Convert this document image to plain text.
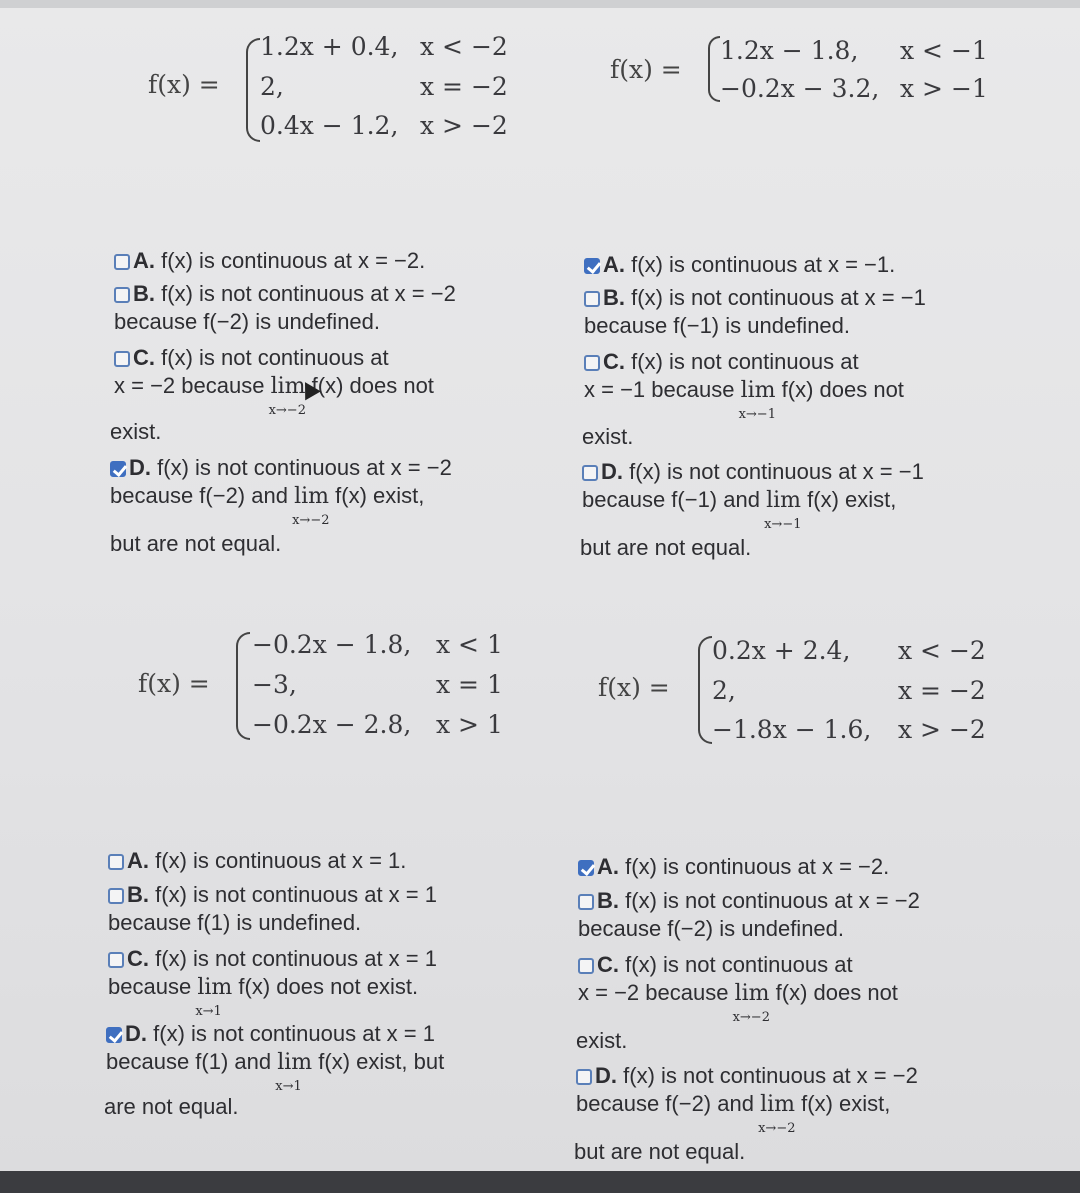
f(x) =
1.2x + 0.4, x < −2
2,	x = −2
0.4x − 1.2, x > −2
A. f(x) is continuous at x = −2.
B. f(x) is not continuous at x = −2
because f(−2) is undefined.
C. f(x) is not continuous at
x = −2 because lim
x→−2
f(x) does not
exist.
D. f(x) is not continuous at x = −2
because f(−2) and lim
x→−2
f(x) exist,
but are not equal.
f(x) =
1.2x − 1.8, x < −1
−0.2x − 3.2, x > −1
A. f(x) is continuous at x = −1.
B. f(x) is not continuous at x = −1
because f(−1) is undefined.
C. f(x) is not continuous at
x = −1 because lim
x→−1
f(x) does not
exist.
D. f(x) is not continuous at x = −1
because f(−1) and lim
x→−1
f(x) exist,
but are not equal.
f(x) =
−0.2x − 1.8, x < 1
−3,	x = 1
−0.2x − 2.8, x > 1
A. f(x) is continuous at x = 1.
B. f(x) is not continuous at x = 1
because f(1) is undefined.
C. f(x) is not continuous at x = 1
because lim
x→1
f(x) does not exist.
D. f(x) is not continuous at x = 1
because f(1) and lim
x→1
f(x) exist, but
are not equal.
f(x) =
0.2x + 2.4, x < −2
2,	x = −2
−1.8x − 1.6, x > −2
A. f(x) is continuous at x = −2.
B. f(x) is not continuous at x = −2
because f(−2) is undefined.
C. f(x) is not continuous at
x = −2 because lim
x→−2
f(x) does not
exist.
D. f(x) is not continuous at x = −2
because f(−2) and lim
x→−2
f(x) exist,
but are not equal.
